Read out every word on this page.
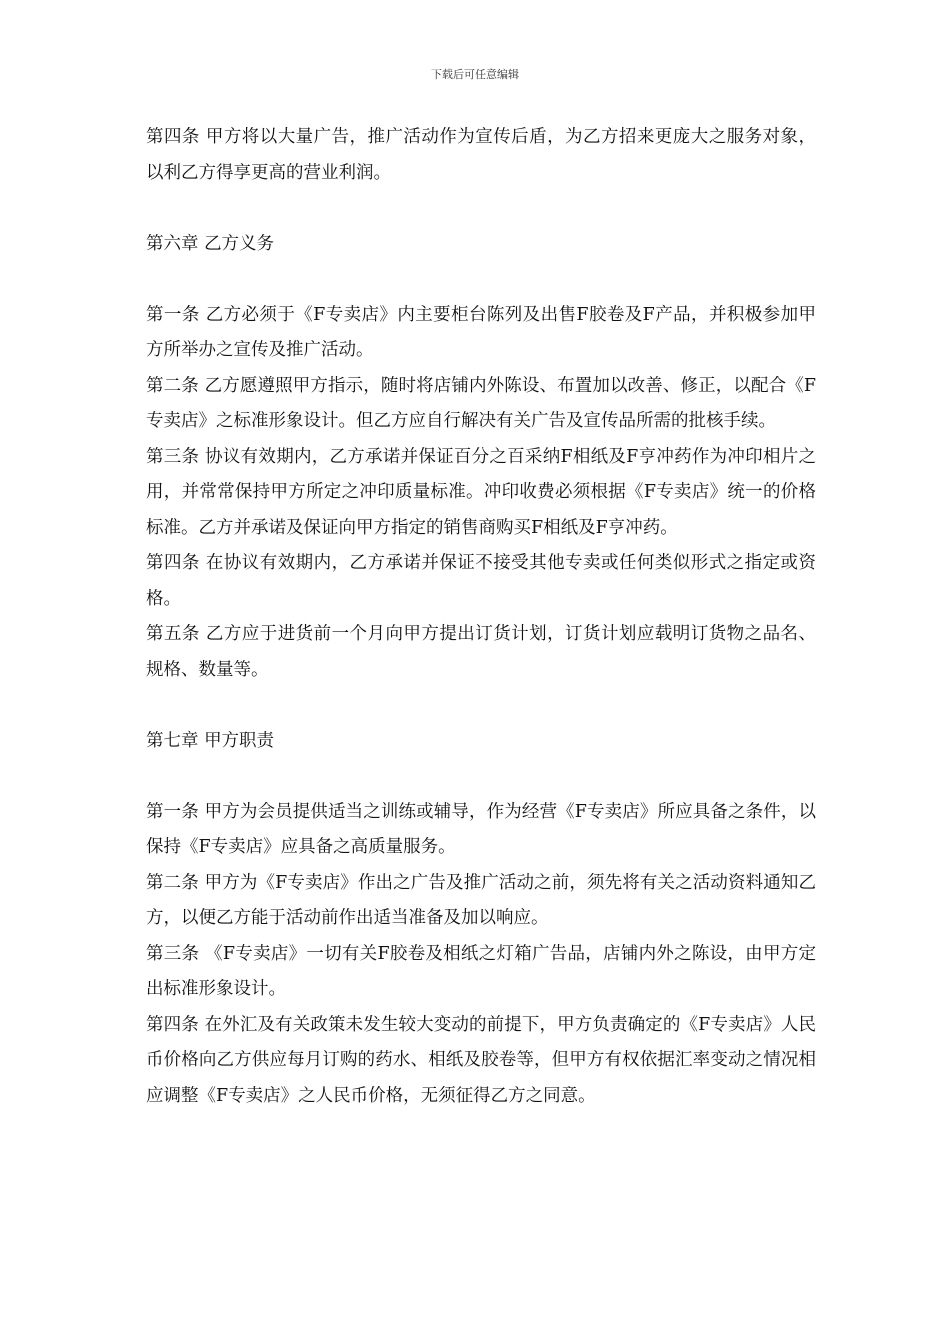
下载后可任意编辑

第四条 甲方将以大量广告，推广活动作为宣传后盾，为乙方招来更庞大之服务对象，以利乙方得享更高的营业利润。

第六章 乙方义务

第一条 乙方必须于《F专卖店》内主要柜台陈列及出售F胶卷及F产品，并积极参加甲方所举办之宣传及推广活动。

第二条 乙方愿遵照甲方指示，随时将店铺内外陈设、布置加以改善、修正，以配合《F专卖店》之标准形象设计。但乙方应自行解决有关广告及宣传品所需的批核手续。

第三条 协议有效期内，乙方承诺并保证百分之百采纳F相纸及F亨冲药作为冲印相片之用，并常常保持甲方所定之冲印质量标准。冲印收费必须根据《F专卖店》统一的价格标准。乙方并承诺及保证向甲方指定的销售商购买F相纸及F亨冲药。

第四条 在协议有效期内，乙方承诺并保证不接受其他专卖或任何类似形式之指定或资格。

第五条 乙方应于进货前一个月向甲方提出订货计划，订货计划应载明订货物之品名、规格、数量等。

第七章 甲方职责

第一条 甲方为会员提供适当之训练或辅导，作为经营《F专卖店》所应具备之条件，以保持《F专卖店》应具备之高质量服务。

第二条 甲方为《F专卖店》作出之广告及推广活动之前，须先将有关之活动资料通知乙方，以便乙方能于活动前作出适当准备及加以响应。

第三条 《F专卖店》一切有关F胶卷及相纸之灯箱广告品，店铺内外之陈设，由甲方定出标准形象设计。

第四条 在外汇及有关政策未发生较大变动的前提下，甲方负责确定的《F专卖店》人民币价格向乙方供应每月订购的药水、相纸及胶卷等，但甲方有权依据汇率变动之情况相应调整《F专卖店》之人民币价格，无须征得乙方之同意。
